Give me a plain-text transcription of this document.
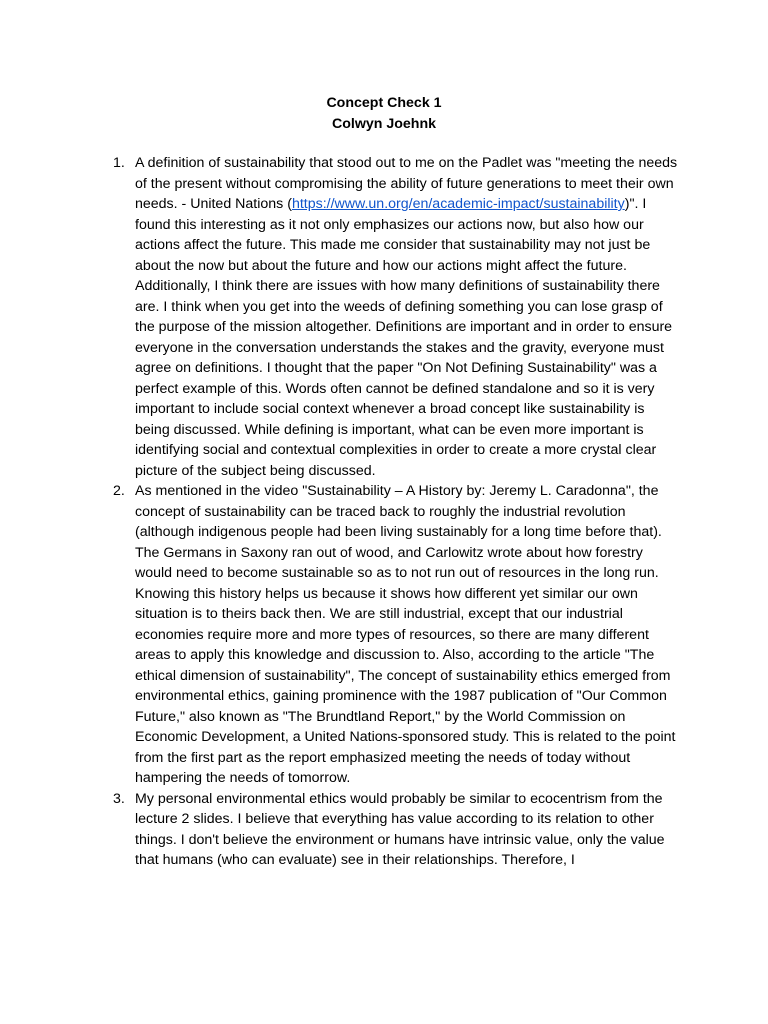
Concept Check 1
Colwyn Joehnk
1. A definition of sustainability that stood out to me on the Padlet was "meeting the needs of the present without compromising the ability of future generations to meet their own needs. - United Nations (https://www.un.org/en/academic-impact/sustainability)". I found this interesting as it not only emphasizes our actions now, but also how our actions affect the future. This made me consider that sustainability may not just be about the now but about the future and how our actions might affect the future. Additionally, I think there are issues with how many definitions of sustainability there are. I think when you get into the weeds of defining something you can lose grasp of the purpose of the mission altogether. Definitions are important and in order to ensure everyone in the conversation understands the stakes and the gravity, everyone must agree on definitions. I thought that the paper "On Not Defining Sustainability" was a perfect example of this. Words often cannot be defined standalone and so it is very important to include social context whenever a broad concept like sustainability is being discussed. While defining is important, what can be even more important is identifying social and contextual complexities in order to create a more crystal clear picture of the subject being discussed.
2. As mentioned in the video "Sustainability – A History by: Jeremy L. Caradonna", the concept of sustainability can be traced back to roughly the industrial revolution (although indigenous people had been living sustainably for a long time before that). The Germans in Saxony ran out of wood, and Carlowitz wrote about how forestry would need to become sustainable so as to not run out of resources in the long run. Knowing this history helps us because it shows how different yet similar our own situation is to theirs back then. We are still industrial, except that our industrial economies require more and more types of resources, so there are many different areas to apply this knowledge and discussion to. Also, according to the article "The ethical dimension of sustainability", The concept of sustainability ethics emerged from environmental ethics, gaining prominence with the 1987 publication of "Our Common Future," also known as "The Brundtland Report," by the World Commission on Economic Development, a United Nations-sponsored study. This is related to the point from the first part as the report emphasized meeting the needs of today without hampering the needs of tomorrow.
3. My personal environmental ethics would probably be similar to ecocentrism from the lecture 2 slides. I believe that everything has value according to its relation to other things. I don't believe the environment or humans have intrinsic value, only the value that humans (who can evaluate) see in their relationships. Therefore, I
